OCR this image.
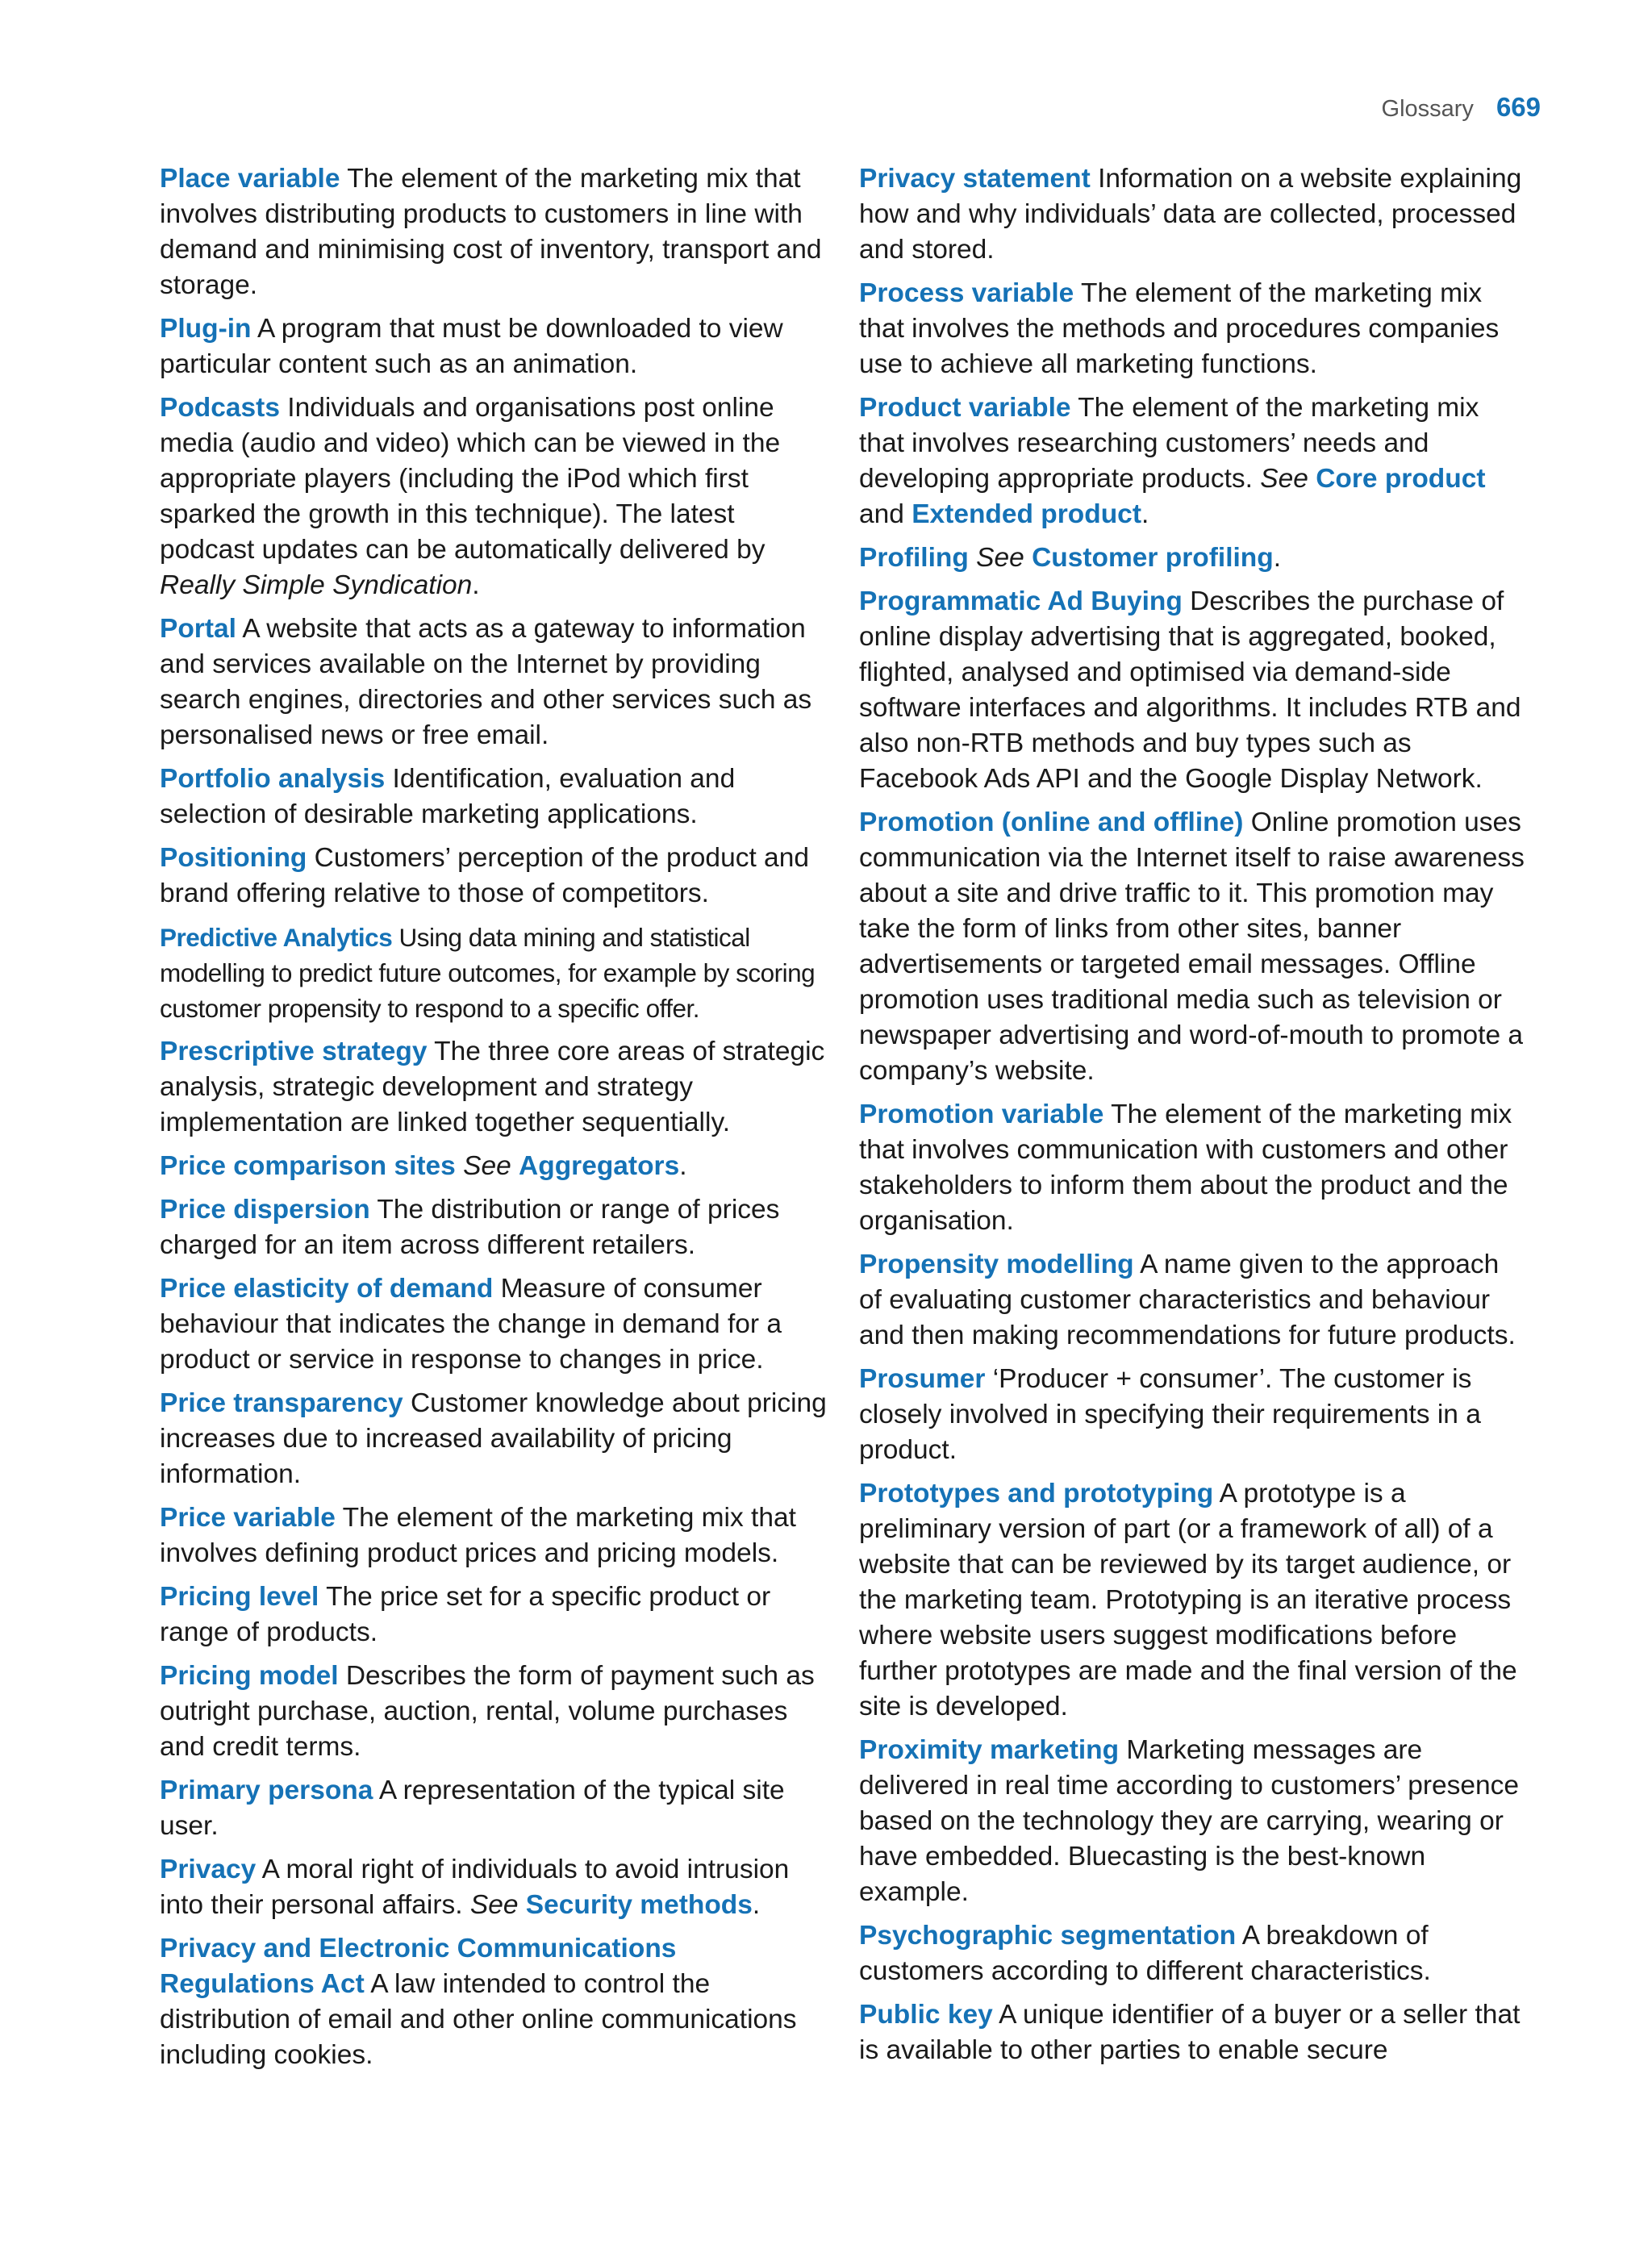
Glossary 669

Place variable The element of the marketing mix that involves distributing products to customers in line with demand and minimising cost of inventory, transport and storage.

Plug-in A program that must be downloaded to view particular content such as an animation.

Podcasts Individuals and organisations post online media (audio and video) which can be viewed in the appropriate players (including the iPod which first sparked the growth in this technique). The latest podcast updates can be automatically delivered by Really Simple Syndication.

Portal A website that acts as a gateway to information and services available on the Internet by providing search engines, directories and other services such as personalised news or free email.

Portfolio analysis Identification, evaluation and selection of desirable marketing applications.

Positioning Customers’ perception of the product and brand offering relative to those of competitors.

Predictive Analytics Using data mining and statistical modelling to predict future outcomes, for example by scoring customer propensity to respond to a specific offer.

Prescriptive strategy The three core areas of strategic analysis, strategic development and strategy implementation are linked together sequentially.

Price comparison sites See Aggregators.

Price dispersion The distribution or range of prices charged for an item across different retailers.

Price elasticity of demand Measure of consumer behaviour that indicates the change in demand for a product or service in response to changes in price.

Price transparency Customer knowledge about pricing increases due to increased availability of pricing information.

Price variable The element of the marketing mix that involves defining product prices and pricing models.

Pricing level The price set for a specific product or range of products.

Pricing model Describes the form of payment such as outright purchase, auction, rental, volume purchases and credit terms.

Primary persona A representation of the typical site user.

Privacy A moral right of individuals to avoid intrusion into their personal affairs. See Security methods.

Privacy and Electronic Communications Regulations Act A law intended to control the distribution of email and other online communications including cookies.

Privacy statement Information on a website explaining how and why individuals’ data are collected, processed and stored.

Process variable The element of the marketing mix that involves the methods and procedures companies use to achieve all marketing functions.

Product variable The element of the marketing mix that involves researching customers’ needs and developing appropriate products. See Core product and Extended product.

Profiling See Customer profiling.

Programmatic Ad Buying Describes the purchase of online display advertising that is aggregated, booked, flighted, analysed and optimised via demand-side software interfaces and algorithms. It includes RTB and also non-RTB methods and buy types such as Facebook Ads API and the Google Display Network.

Promotion (online and offline) Online promotion uses communication via the Internet itself to raise awareness about a site and drive traffic to it. This promotion may take the form of links from other sites, banner advertisements or targeted email messages. Offline promotion uses traditional media such as television or newspaper advertising and word-of-mouth to promote a company’s website.

Promotion variable The element of the marketing mix that involves communication with customers and other stakeholders to inform them about the product and the organisation.

Propensity modelling A name given to the approach of evaluating customer characteristics and behaviour and then making recommendations for future products.

Prosumer ‘Producer + consumer’. The customer is closely involved in specifying their requirements in a product.

Prototypes and prototyping A prototype is a preliminary version of part (or a framework of all) of a website that can be reviewed by its target audience, or the marketing team. Prototyping is an iterative process where website users suggest modifications before further prototypes are made and the final version of the site is developed.

Proximity marketing Marketing messages are delivered in real time according to customers’ presence based on the technology they are carrying, wearing or have embedded. Bluecasting is the best-known example.

Psychographic segmentation A breakdown of customers according to different characteristics.

Public key A unique identifier of a buyer or a seller that is available to other parties to enable secure
